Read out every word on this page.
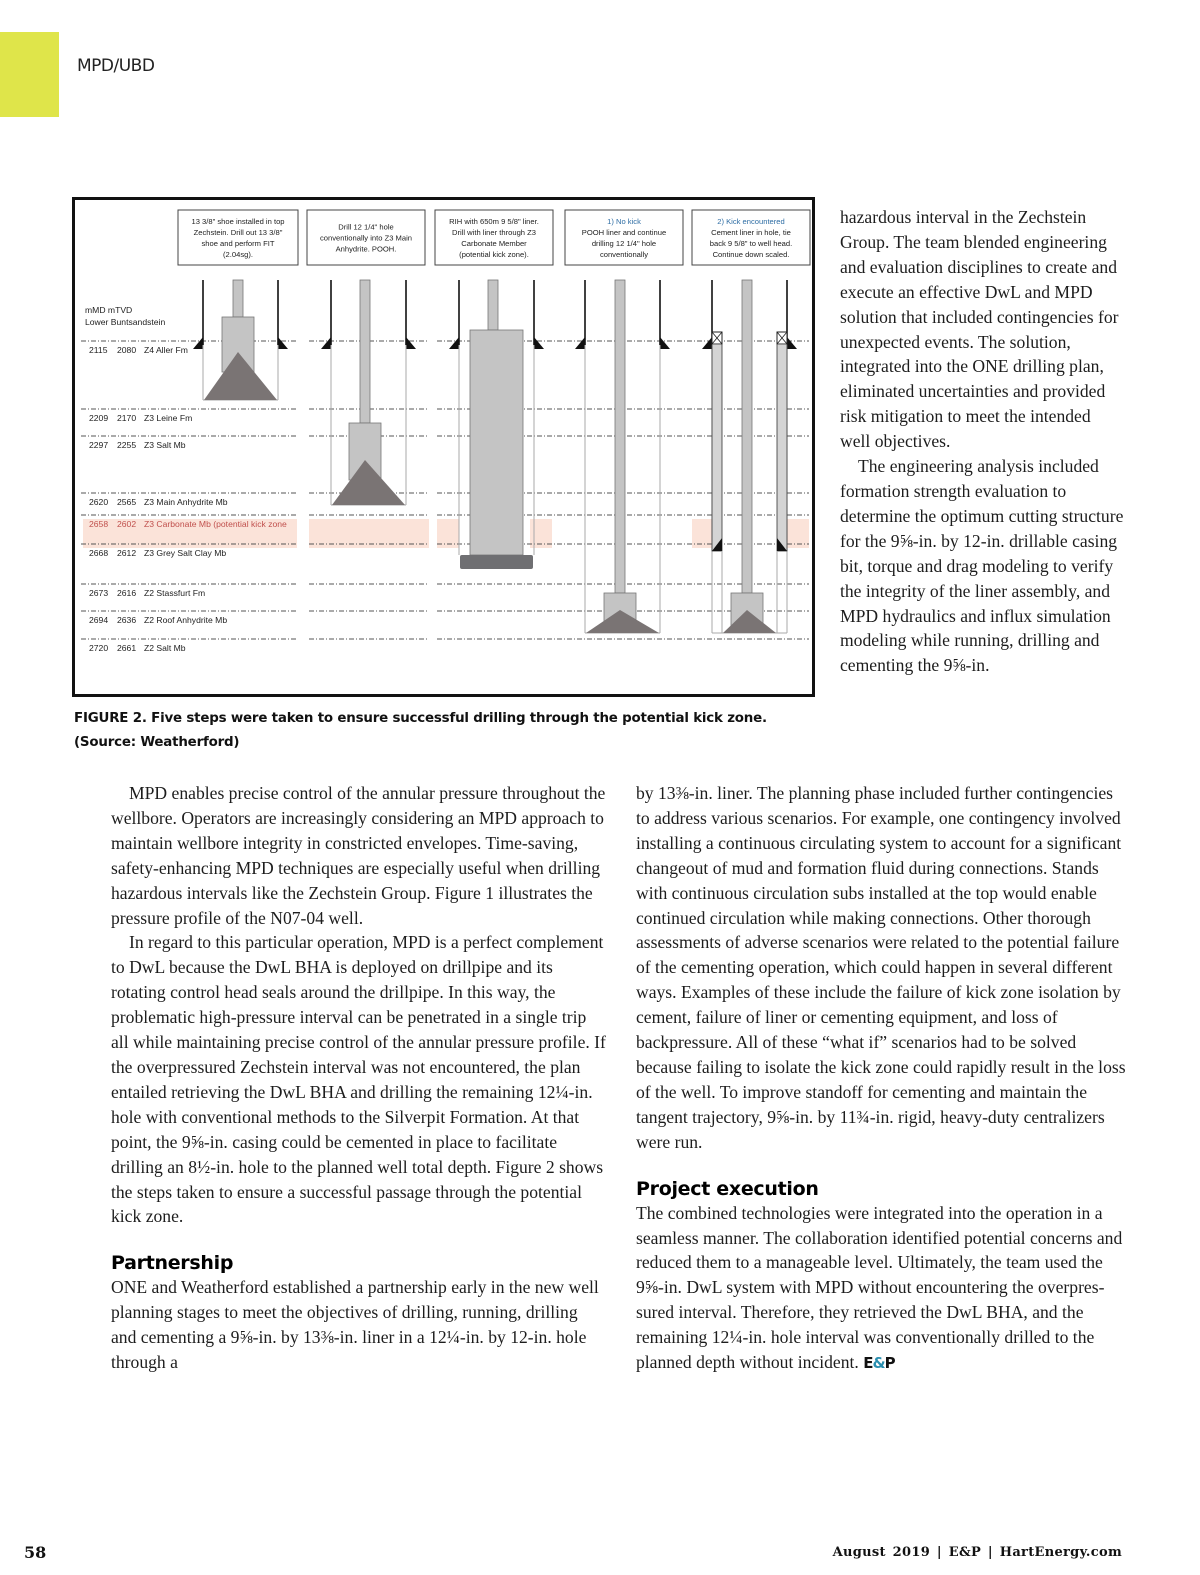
MPD/UBD
mMD mTVD
Lower Buntsandstein
2115 2080 Z4 Aller Fm
2209 2170 Z3 Leine Fm
2297 2255 Z3 Salt Mb
2620 2565 Z3 Main Anhydrite Mb
2658 2602 Z3 Carbonate Mb (potential kick zone
2668 2612 Z3 Grey Salt Clay Mb
2673 2616 Z2 Stassfurt Fm
2694 2636 Z2 Roof Anhydrite Mb
2720 2661 Z2 Salt Mb
13 3/8" shoe installed in top
Zechstein. Drill out 13 3/8"
shoe and perform FIT
(2.04sg).
Drill 12 1/4" hole
conventionally into Z3 Main
Anhydrite. POOH.
RIH with 650m 9 5/8" liner.
Drill with liner through Z3
Carbonate Member
(potential kick zone).
1) No kick
POOH liner and continue
drilling 12 1/4" hole
conventionally
2) Kick encountered
Cement liner in hole, tie
back 9 5/8" to well head.
Continue down scaled.
FIGURE 2. Five steps were taken to ensure successful drilling through the potential kick zone.
(Source: Weatherford)

hazardous interval in the Zechstein Group. The team blended engineering and evaluation disciplines to create and execute an effective DwL and MPD solution that included contingencies for unexpected events. The solution, integrated into the ONE drilling plan, eliminated uncertainties and provided risk mitigation to meet the intended well objectives.

The engineering analysis included formation strength evaluation to determine the optimum cutting structure for the 9⅝-in. by 12-in. drillable casing bit, torque and drag modeling to verify the integrity of the liner assembly, and MPD hydraulics and influx simulation modeling while running, drilling and cementing the 9⅝-in.

MPD enables precise control of the annular pressure throughout the wellbore. Operators are increasingly considering an MPD approach to maintain wellbore integrity in constricted envelopes. Time-saving, safety-enhancing MPD techniques are especially useful when drilling hazardous intervals like the Zechstein Group. Figure 1 illustrates the pressure profile of the N07-04 well.

In regard to this particular operation, MPD is a perfect complement to DwL because the DwL BHA is deployed on drillpipe and its rotating control head seals around the drillpipe. In this way, the problematic high-pressure interval can be penetrated in a single trip all while maintaining precise control of the annular pressure profile. If the overpressured Zechstein interval was not encountered, the plan entailed retrieving the DwL BHA and drilling the remaining 12¼-in. hole with conventional methods to the Silverpit Formation. At that point, the 9⅝-in. casing could be cemented in place to facilitate drilling an 8½-in. hole to the planned well total depth. Figure 2 shows the steps taken to ensure a successful passage through the potential kick zone.

Partnership

ONE and Weatherford established a partnership early in the new well planning stages to meet the objectives of drilling, running, drilling and cementing a 9⅝-in. by 13⅜-in. liner in a 12¼-in. by 12-in. hole through a

by 13⅜-in. liner. The planning phase included further contingencies to address various scenarios. For example, one contingency involved installing a continuous circulating system to account for a significant changeout of mud and formation fluid during connections. Stands with continuous circulation subs installed at the top would enable continued circulation while making connections. Other thorough assessments of adverse scenarios were related to the potential failure of the cementing operation, which could happen in several different ways. Examples of these include the failure of kick zone isolation by cement, failure of liner or cementing equipment, and loss of backpressure. All of these “what if” scenarios had to be solved because failing to isolate the kick zone could rapidly result in the loss of the well. To improve standoff for cementing and maintain the tangent trajectory, 9⅝-in. by 11¾-in. rigid, heavy-duty centralizers were run.

Project execution

The combined technologies were integrated into the operation in a seamless manner. The collaboration identified potential concerns and reduced them to a manageable level. Ultimately, the team used the 9⅝-in. DwL system with MPD without encountering the overpressured interval. Therefore, they retrieved the DwL BHA, and the remaining 12¼-in. hole interval was conventionally drilled to the planned depth without incident. E&P

58	August 2019 | E&P | HartEnergy.com
